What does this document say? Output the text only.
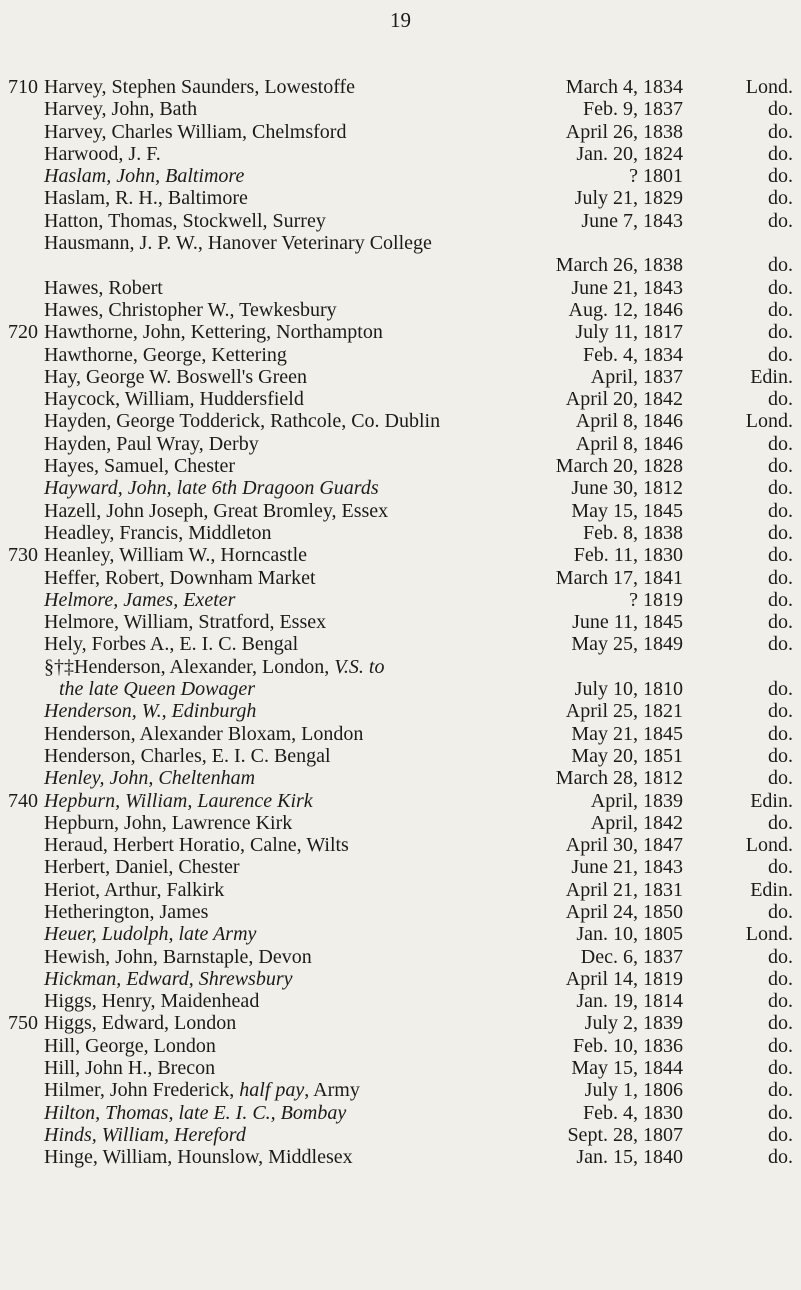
19
710 Harvey, Stephen Saunders, Lowestoffe	March 4, 1834	Lond.
Harvey, John, Bath	Feb. 9, 1837	do.
Harvey, Charles William, Chelmsford	April 26, 1838	do.
Harwood, J. F.	Jan. 20, 1824	do.
Haslam, John, Baltimore	? 1801	do.
Haslam, R. H., Baltimore	July 21, 1829	do.
Hatton, Thomas, Stockwell, Surrey	June 7, 1843	do.
Hausmann, J. P. W., Hanover Veterinary College
March 26, 1838	do.
Hawes, Robert	June 21, 1843	do.
Hawes, Christopher W., Tewkesbury	Aug. 12, 1846	do.
720 Hawthorne, John, Kettering, Northampton	July 11, 1817	do.
Hawthorne, George, Kettering	Feb. 4, 1834	do.
Hay, George W. Boswell's Green	April, 1837	Edin.
Haycock, William, Huddersfield	April 20, 1842	do.
Hayden, George Todderick, Rathcole, Co. Dublin	April 8, 1846	Lond.
Hayden, Paul Wray, Derby	April 8, 1846	do.
Hayes, Samuel, Chester	March 20, 1828	do.
Hayward, John, late 6th Dragoon Guards	June 30, 1812	do.
Hazell, John Joseph, Great Bromley, Essex	May 15, 1845	do.
Headley, Francis, Middleton	Feb. 8, 1838	do.
730 Heanley, William W., Horncastle	Feb. 11, 1830	do.
Heffer, Robert, Downham Market	March 17, 1841	do.
Helmore, James, Exeter	? 1819	do.
Helmore, William, Stratford, Essex	June 11, 1845	do.
Hely, Forbes A., E. I. C. Bengal	May 25, 1849	do.
§†‡Henderson, Alexander, London, V.S. to
the late Queen Dowager	July 10, 1810	do.
Henderson, W., Edinburgh	April 25, 1821	do.
Henderson, Alexander Bloxam, London	May 21, 1845	do.
Henderson, Charles, E. I. C. Bengal	May 20, 1851	do.
Henley, John, Cheltenham	March 28, 1812	do.
740 Hepburn, William, Laurence Kirk	April, 1839	Edin.
Hepburn, John, Lawrence Kirk	April, 1842	do.
Heraud, Herbert Horatio, Calne, Wilts	April 30, 1847	Lond.
Herbert, Daniel, Chester	June 21, 1843	do.
Heriot, Arthur, Falkirk	April 21, 1831	Edin.
Hetherington, James	April 24, 1850	do.
Heuer, Ludolph, late Army	Jan. 10, 1805	Lond.
Hewish, John, Barnstaple, Devon	Dec. 6, 1837	do.
Hickman, Edward, Shrewsbury	April 14, 1819	do.
Higgs, Henry, Maidenhead	Jan. 19, 1814	do.
750 Higgs, Edward, London	July 2, 1839	do.
Hill, George, London	Feb. 10, 1836	do.
Hill, John H., Brecon	May 15, 1844	do.
Hilmer, John Frederick, half pay, Army	July 1, 1806	do.
Hilton, Thomas, late E. I. C., Bombay	Feb. 4, 1830	do.
Hinds, William, Hereford	Sept. 28, 1807	do.
Hinge, William, Hounslow, Middlesex	Jan. 15, 1840	do.
